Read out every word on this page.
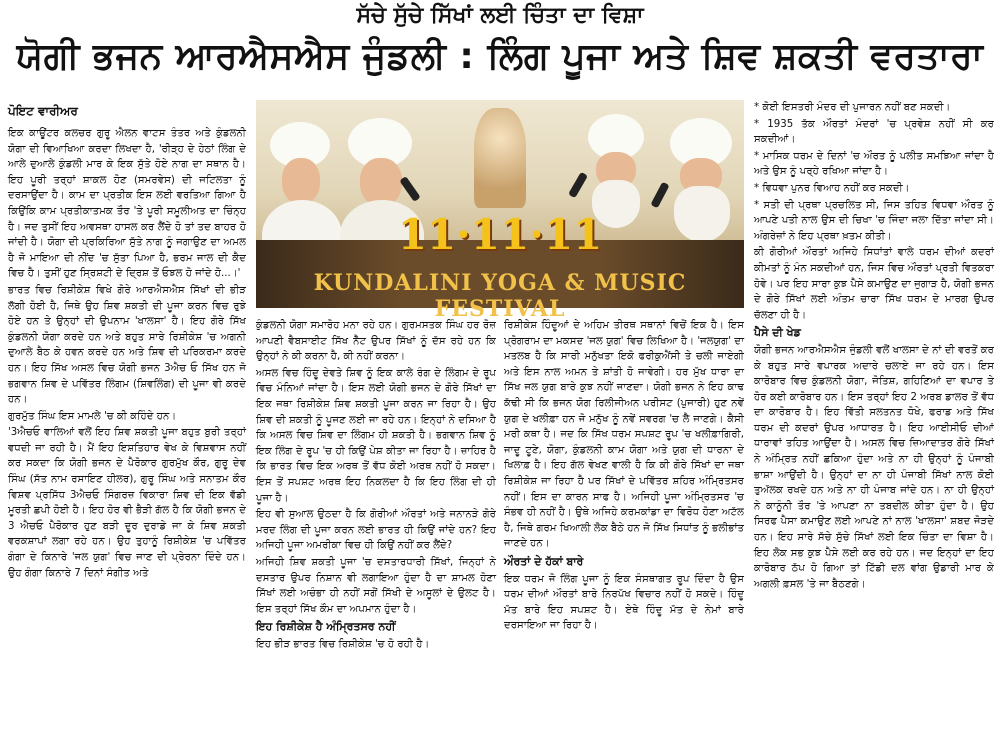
ਸੱਚੇ ਸੁੱਚੇ ਸਿੱਖਾਂ ਲਈ ਚਿੰਤਾ ਦਾ ਵਿਸ਼ਾ
ਯੋਗੀ ਭਜਨ ਆਰਐਸਐਸ ਜੁੰਡਲੀ : ਲਿੰਗ ਪੂਜਾ ਅਤੇ ਸ਼ਿਵ ਸ਼ਕਤੀ ਵਰਤਾਰਾ
ਪੋਇਟ ਵਾਰੀਅਰ

ਇਕ ਕਾਊਂਟਰ ਕਲਚਰ ਗੁਰੂ ਐਲਨ ਵਾਟਸ ਤੰਤਰ ਅਤੇ ਕੁੰਡਲਨੀ ਯੋਗਾ ਦੀ ਵਿਆਖਿਆ ਕਰਦਾ ਲਿਖਦਾ ਹੈ, 'ਰੀੜ੍ਹ ਦੇ ਹੇਠਾਂ ਲਿੰਗ ਦੇ ਆਲੇ ਦੁਆਲੇ ਕੁੰਡਲੀ ਮਾਰ ਕੇ ਇਕ ਸੁੱਤੇ ਹੋਏ ਨਾਗ ਦਾ ਸਥਾਨ ਹੈ। ਇਹ ਪੂਰੀ ਤਰ੍ਹਾਂ ਸ਼ਾਕਲ ਹੋਣ (ਸਮਰਵੇਸ) ਦੀ ਜਟਿਲਤਾ ਨੂੰ ਦਰਸਾਉਂਦਾ ਹੈ। ਕਾਮ ਦਾ ਪ੍ਰਤੀਕ ਇਸ ਲਈ ਵਰਤਿਆ ਗਿਆ ਹੈ ਕਿਉਂਕਿ ਕਾਮ ਪ੍ਰਤੀਕਾਤਮਕ ਤੌਰ 'ਤੇ ਪੂਰੀ ਸਮੂਲੀਅਤ ਦਾ ਚਿੰਨ੍ਹ ਹੈ। ਜਦ ਤੁਸੀਂ ਇਹ ਅਵਸਥਾ ਹਾਸਲ ਕਰ ਲੈਂਦੇ ਹੋ ਤਾਂ ਤਦ ਬਾਹਰ ਹੋ ਜਾਂਦੀ ਹੈ। ਯੋਗਾ ਦੀ ਪ੍ਰਕਿਰਿਆ ਸੁੱਤੇ ਨਾਗ ਨੂੰ ਜਗਾਉਣ ਦਾ ਅਮਲ ਹੈ ਜੋ ਮਾਇਆ ਦੀ ਨੀਂਦ 'ਚ ਸੁੱਤਾ ਪਿਆ ਹੈ, ਭਰਮ ਜਾਲ ਦੀ ਕੈਦ ਵਿਚ ਹੈ। ਤੁਸੀਂ ਹੁਣ ਸ੍ਰਿਸ਼ਟੀ ਦੇ ਦ੍ਰਿਸ਼ ਤੋਂ ਓਝਲ ਹੋ ਜਾਂਦੇ ਹੋ...।'

ਭਾਰਤ ਵਿਚ ਰਿਸ਼ੀਕੇਸ਼ ਵਿਖੇ ਗੋਰੇ ਆਰਐਸਐਸ ਸਿੱਖਾਂ ਦੀ ਭੀੜ ਲੱਗੀ ਹੋਈ ਹੈ, ਜਿਥੇ ਉਹ ਸ਼ਿਵ ਸ਼ਕਤੀ ਦੀ ਪੂਜਾ ਕਰਨ ਵਿਚ ਰੁਝੇ ਹੋਏ ਹਨ ਤੇ ਉਨ੍ਹਾਂ ਦੀ ਉਪਨਾਮ 'ਖਾਲਸਾ' ਹੈ। ਇਹ ਗੋਰੇ ਸਿੱਖ ਕੁੰਡਲਨੀ ਯੋਗਾ ਕਰਦੇ ਹਨ ਅਤੇ ਬਹੁਤ ਸਾਰੇ ਰਿਸ਼ੀਕੇਸ਼ 'ਚ ਅਗਨੀ ਦੁਆਲੇ ਬੈਠ ਕੇ ਹਵਨ ਕਰਦੇ ਹਨ ਅਤੇ ਸ਼ਿਵ ਦੀ ਪਰਿਕਰਮਾ ਕਰਦੇ ਹਨ। ਇਹ ਸਿੱਖ ਅਸਲ ਵਿਚ ਯੋਗੀ ਭਜਨ 3ਐਚ ਓ ਸਿੱਖ ਹਨ ਜੋ ਭਗਵਾਨ ਸ਼ਿਵ ਦੇ ਪਵਿੱਤਰ ਲਿੰਗਮ (ਸ਼ਿਵਲਿੰਗ) ਦੀ ਪੂਜਾ ਵੀ ਕਰਦੇ ਹਨ।

ਗੁਰਮੁੱਤ ਸਿੰਘ ਇਸ ਮਾਮਲੇ 'ਚ ਕੀ ਕਹਿੰਦੇ ਹਨ।

'3ਐਚਓ ਵਾਲਿਆਂ ਵਲੋਂ ਇਹ ਸ਼ਿਵ ਸ਼ਕਤੀ ਪੂਜਾ ਬਹੁਤ ਬੁਰੀ ਤਰ੍ਹਾਂ ਵਧਦੀ ਜਾ ਰਹੀ ਹੈ। ਮੈਂ ਇਹ ਇਸ਼ਤਿਹਾਰ ਵੇਖ ਕੇ ਵਿਸ਼ਵਾਸ ਨਹੀਂ ਕਰ ਸਕਦਾ ਕਿ ਯੋਗੀ ਭਜਨ ਦੇ ਪੈਰੋਕਾਰ ਗੁਰਮੁੱਖ ਕੌਰ, ਗੁਰੂ ਦੇਵ ਸਿੰਘ (ਸੱਤ ਨਾਮ ਰਸਾਇਣ ਹੀਲਰ), ਗੁਰੂ ਸਿੰਘ ਅਤੇ ਸਨਾਤਮ ਕੌਰ ਵਿਸ਼ਵ ਪ੍ਰਸਿੱਧ 3ਐਚਓ ਸਿੰਗਰਜ਼ ਵਿਕਾਰਾ ਸ਼ਿਵ ਦੀ ਇਕ ਵੱਡੀ ਮੂਰਤੀ ਛਪੀ ਹੋਈ ਹੈ। ਇਹ ਹੋਰ ਵੀ ਭੈੜੀ ਗੱਲ ਹੈ ਕਿ ਯੋਗੀ ਭਜਨ ਦੇ 3 ਐਚਓ ਪੈਰੋਕਾਰ ਹੁਣ ਬੜੀ ਦੂਰ ਦੁਰਾਡੇ ਜਾ ਕੇ ਸ਼ਿਵ ਸ਼ਕਤੀ ਵਰਕਸ਼ਾਪਾਂ ਲਗਾ ਰਹੇ ਹਨ। ਉਹ ਤੁਹਾਨੂੰ ਰਿਸ਼ੀਕੇਸ਼ 'ਚ ਪਵਿੱਤਰ ਗੰਗਾ ਦੇ ਕਿਨਾਰੇ 'ਜਲ ਯੁਗ' ਵਿਚ ਜਾਣ ਦੀ ਪ੍ਰੇਰਨਾ ਦਿੰਦੇ ਹਨ। ਉਹ ਗੰਗਾ ਕਿਨਾਰੇ 7 ਦਿਨਾਂ ਸੰਗੀਤ ਅਤੇ

11·11·11
KUNDALINI YOGA & MUSIC FESTIVAL

ਕੁੰਡਲਨੀ ਯੋਗਾ ਸਮਾਰੋਹ ਮਨਾ ਰਹੇ ਹਨ। ਗੁਰਮਸਤਕ ਸਿੰਘ ਹਰ ਰੋਜ਼ ਆਪਣੀ ਵੈਬਸਾਈਟ ਸਿੱਖ ਨੈੱਟ ਉਪਰ ਸਿੱਖਾਂ ਨੂੰ ਦੱਸ ਰਹੇ ਹਨ ਕਿ ਉਨ੍ਹਾਂ ਨੇ ਕੀ ਕਰਨਾ ਹੈ, ਕੀ ਨਹੀਂ ਕਰਨਾ।

ਅਸਲ ਵਿਚ ਹਿੰਦੂ ਦੇਵਤੇ ਸ਼ਿਵ ਨੂੰ ਇਕ ਕਾਲੇ ਰੰਗ ਦੇ ਲਿੰਗਮ ਦੇ ਰੂਪ ਵਿਚ ਮੰਨਿਆਂ ਜਾਂਦਾ ਹੈ। ਇਸ ਲਈ ਯੋਗੀ ਭਜਨ ਦੇ ਗੋਰੇ ਸਿੱਖਾਂ ਦਾ ਇਕ ਜਥਾ ਰਿਸ਼ੀਕੇਸ਼ ਸ਼ਿਵ ਸ਼ਕਤੀ ਪੂਜਾ ਕਰਨ ਜਾ ਰਿਹਾ ਹੈ। ਉਹ ਸ਼ਿਵ ਦੀ ਸ਼ਕਤੀ ਨੂੰ ਪੂਜਣ ਲਈ ਜਾ ਰਹੇ ਹਨ। ਇਨ੍ਹਾਂ ਨੇ ਦਸਿਆ ਹੈ ਕਿ ਅਸਲ ਵਿਚ ਸ਼ਿਵ ਦਾ ਲਿੰਗਮ ਹੀ ਸ਼ਕਤੀ ਹੈ। ਭਗਵਾਨ ਸ਼ਿਵ ਨੂੰ ਇਕ ਲਿੰਗ ਦੇ ਰੂਪ 'ਚ ਹੀ ਕਿਉਂ ਪੇਸ਼ ਕੀਤਾ ਜਾ ਰਿਹਾ ਹੈ। ਜ਼ਾਹਿਰ ਹੈ ਕਿ ਭਾਰਤ ਵਿਚ ਇਕ ਅਰਥ ਤੋਂ ਵੱਧ ਕੋਈ ਅਰਥ ਨਹੀਂ ਹੋ ਸਕਦਾ। ਇਸ ਤੋਂ ਸਪਸ਼ਟ ਅਰਥ ਇਹ ਨਿਕਲਦਾ ਹੈ ਕਿ ਇਹ ਲਿੰਗ ਦੀ ਹੀ ਪੂਜਾ ਹੈ।

ਇਹ ਵੀ ਸੁਆਲ ਉਠਦਾ ਹੈ ਕਿ ਗੋਰੀਆਂ ਔਰਤਾਂ ਅਤੇ ਜਨਾਨੜੇ ਗੋਰੇ ਮਰਦ ਲਿੰਗ ਦੀ ਪੂਜਾ ਕਰਨ ਲਈ ਭਾਰਤ ਹੀ ਕਿਉਂ ਜਾਂਦੇ ਹਨ? ਇਹ ਅਜਿਹੀ ਪੂਜਾ ਅਮਰੀਕਾ ਵਿਚ ਹੀ ਕਿਉਂ ਨਹੀਂ ਕਰ ਲੈਂਦੇ?

ਅਜਿਹੀ ਸ਼ਿਵ ਸ਼ਕਤੀ ਪੂਜਾ 'ਚ ਦਸਤਾਰਧਾਰੀ ਸਿੱਖਾਂ, ਜਿਨ੍ਹਾਂ ਨੇ ਦਸਤਾਰ ਉਪਰ ਨਿਸ਼ਾਨ ਵੀ ਲਗਾਇਆ ਹੁੰਦਾ ਹੈ ਦਾ ਸ਼ਾਮਲ ਹੋਣਾ ਸਿੱਖਾਂ ਲਈ ਅਚੰਭਾ ਹੀ ਨਹੀਂ ਸਗੋਂ ਸਿੱਖੀ ਦੇ ਅਸੂਲਾਂ ਦੇ ਉਲਟ ਹੈ। ਇਸ ਤਰ੍ਹਾਂ ਸਿੱਖ ਕੌਮ ਦਾ ਅਪਮਾਨ ਹੁੰਦਾ ਹੈ।

ਇਹ ਰਿਸ਼ੀਕੇਸ਼ ਹੈ ਅੰਮ੍ਰਿਤਸਰ ਨਹੀਂ

ਇਹ ਭੀੜ ਭਾਰਤ ਵਿਚ ਰਿਸ਼ੀਕੇਸ਼ 'ਚ ਹੋ ਰਹੀ ਹੈ।

ਰਿਸ਼ੀਕੇਸ਼ ਹਿੰਦੂਆਂ ਦੇ ਅਹਿਮ ਤੀਰਥ ਸਥਾਨਾਂ ਵਿਚੋਂ ਇਕ ਹੈ। ਇਸ ਪ੍ਰੋਗਰਾਮ ਦਾ ਮਕਸਦ 'ਜਲ ਯੁਗ' ਵਿਚ ਲਿਖਿਆ ਹੈ। 'ਜਲਯੁਗ' ਦਾ ਮਤਲਬ ਹੈ ਕਿ ਸਾਰੀ ਮਨੁੱਖਤਾ ਇਕੋ ਫਰੀਕੁਐਂਸੀ ਤੇ ਚਲੀ ਜਾਏਗੀ ਅਤੇ ਇਸ ਨਾਲ ਅਮਨ ਤੇ ਸ਼ਾਂਤੀ ਹੋ ਜਾਵੇਗੀ। ਹਰ ਮੁੱਖ ਧਾਰਾ ਦਾ ਸਿੱਖ ਜਲ ਯੁਗ ਬਾਰੇ ਕੁਝ ਨਹੀਂ ਜਾਣਦਾ। ਯੋਗੀ ਭਜਨ ਨੇ ਇਹ ਕਾਢ ਕੱਢੀ ਸੀ ਕਿ ਭਜਨ ਯੋਗ ਰਿਲੀਜੀਅਨ ਪਰੀਸਟ (ਪੁਜਾਰੀ) ਹੁਣ ਨਵੇਂ ਯੁਗ ਦੇ ਖਲੀਫ਼ਾ ਹਨ ਜੋ ਮਨੁੱਖ ਨੂੰ ਨਵੇਂ ਸਵਰਗ 'ਚ ਲੈ ਜਾਣਗੇ। ਕੈਸੀ ਮਰੀ ਕਥਾ ਹੈ। ਜਦ ਕਿ ਸਿੱਖ ਧਰਮ ਸਪਸ਼ਟ ਰੂਪ 'ਚ ਖਲੀਫ਼ਾਗਿਰੀ, ਜਾਦੂ ਟੂਣੇ, ਯੋਗਾ, ਕੁੰਡਲਨੀ ਕਾਮ ਯੋਗਾ ਅਤੇ ਯੁਗ ਦੀ ਧਾਰਨਾ ਦੇ ਖਿਲਾਫ਼ ਹੈ। ਇਹ ਗੱਲ ਵੇਖਣ ਵਾਲੀ ਹੈ ਕਿ ਕੀ ਗੋਰੇ ਸਿੱਖਾਂ ਦਾ ਜਥਾ ਰਿਸ਼ੀਕੇਸ਼ ਜਾ ਰਿਹਾ ਹੈ ਪਰ ਸਿੱਖਾਂ ਦੇ ਪਵਿੱਤਰ ਸ਼ਹਿਰ ਅੰਮ੍ਰਿਤਸਰ ਨਹੀਂ। ਇਸ ਦਾ ਕਾਰਨ ਸਾਫ ਹੈ। ਅਜਿਹੀ ਪੂਜਾ ਅੰਮ੍ਰਿਤਸਰ 'ਚ ਸੰਭਵ ਹੀ ਨਹੀਂ ਹੈ। ਉਥੇ ਅਜਿਹੇ ਕਰਮਕਾਂਡਾ ਦਾ ਵਿਰੋਧ ਹੋਣਾ ਅਟੱਲ ਹੈ, ਜਿਥੇ ਗਰਮ ਖਿਆਲੀ ਲੋਕ ਬੈਠੇ ਹਨ ਜੋ ਸਿੱਖ ਸਿਧਾਂਤ ਨੂੰ ਭਲੀਭਾਂਤ ਜਾਣਦੇ ਹਨ।

ਔਰਤਾਂ ਦੇ ਹੱਕਾਂ ਬਾਰੇ

ਇਕ ਧਰਮ ਜੋ ਲਿੰਗ ਪੂਜਾ ਨੂੰ ਇਕ ਸੰਸਥਾਗਤ ਰੂਪ ਦਿੰਦਾ ਹੈ ਉਸ ਧਰਮ ਦੀਆਂ ਔਰਤਾਂ ਬਾਰੇ ਨਿਰਪੱਖ ਵਿਚਾਰ ਨਹੀਂ ਹੋ ਸਕਦੇ। ਹਿੰਦੂ ਮੱਤ ਬਾਰੇ ਇਹ ਸਪਸ਼ਟ ਹੈ। ਏਥੇ ਹਿੰਦੂ ਮੱਤ ਦੇ ਨੇਮਾਂ ਬਾਰੇ ਦਰਸਾਇਆ ਜਾ ਰਿਹਾ ਹੈ।

* ਕੋਈ ਇਸਤਰੀ ਮੰਦਰ ਦੀ ਪੁਜਾਰਨ ਨਹੀਂ ਬਣ ਸਕਦੀ।

* 1935 ਤੱਕ ਔਰਤਾਂ ਮੰਦਰਾਂ 'ਚ ਪ੍ਰਵੇਸ਼ ਨਹੀਂ ਸੀ ਕਰ ਸਕਦੀਆਂ।

* ਮਾਸਿਕ ਧਰਮ ਦੇ ਦਿਨਾਂ 'ਚ ਔਰਤ ਨੂੰ ਪਲੀਤ ਸਮਝਿਆ ਜਾਂਦਾ ਹੈ ਅਤੇ ਉਸ ਨੂੰ ਪਰ੍ਹੇ ਰਖਿਆ ਜਾਂਦਾ ਹੈ।

* ਵਿਧਵਾ ਪੁਨਰ ਵਿਆਹ ਨਹੀਂ ਕਰ ਸਕਦੀ।

* ਸਤੀ ਦੀ ਪ੍ਰਥਾ ਪ੍ਰਚਲਿਤ ਸੀ, ਜਿਸ ਤਹਿਤ ਵਿਧਵਾ ਔਰਤ ਨੂੰ ਆਪਣੇ ਪਤੀ ਨਾਲ ਉਸ ਦੀ ਚਿਖਾ 'ਚ ਜਿੰਦਾ ਜਲਾ ਦਿੱਤਾ ਜਾਂਦਾ ਸੀ। ਅੰਗਰੇਜ਼ਾਂ ਨੇ ਇਹ ਪ੍ਰਥਾ ਖ਼ਤਮ ਕੀਤੀ।

ਕੀ ਗੋਰੀਆਂ ਔਰਤਾਂ ਅਜਿਹੇ ਸਿਧਾਂਤਾਂ ਵਾਲੇ ਧਰਮ ਦੀਆਂ ਕਦਰਾਂ ਕੀਮਤਾਂ ਨੂੰ ਮੰਨ ਸਕਦੀਆਂ ਹਨ, ਜਿਸ ਵਿਚ ਔਰਤਾਂ ਪ੍ਰਤੀ ਵਿਤਕਰਾ ਹੋਵੇ। ਪਰ ਇਹ ਸਾਰਾ ਕੁਝ ਪੈਸੇ ਕਮਾਉਣ ਦਾ ਜੁਗਾੜ ਹੈ, ਯੋਗੀ ਭਜਨ ਦੇ ਗੋਰੇ ਸਿੱਖਾਂ ਲਈ ਅੰਤਮ ਚਾਰਾ ਸਿੱਖ ਧਰਮ ਦੇ ਮਾਰਗ ਉਪਰ ਚੱਲਣਾ ਹੀ ਹੈ।

ਪੈਸੇ ਦੀ ਖੇਡ

ਯੋਗੀ ਭਜਨ ਆਰਐਸਐਸ ਜੁੰਡਲੀ ਵਲੋਂ ਖਾਲਸਾ ਦੇ ਨਾਂ ਦੀ ਵਰਤੋਂ ਕਰ ਕੇ ਬਹੁਤ ਸਾਰੇ ਵਪਾਰਕ ਅਦਾਰੇ ਚਲਾਏ ਜਾ ਰਹੇ ਹਨ। ਇਸ ਕਾਰੋਬਾਰ ਵਿਚ ਕੁੰਡਲਨੀ ਯੋਗਾ, ਜੋਤਿਸ਼, ਗਹਿਣਿਆਂ ਦਾ ਵਪਾਰ ਤੇ ਹੋਰ ਕਈ ਕਾਰੋਬਾਰ ਹਨ। ਇਸ ਤਰ੍ਹਾਂ ਇਹ 2 ਅਰਬ ਡਾਲਰ ਤੋਂ ਵੱਧ ਦਾ ਕਾਰੋਬਾਰ ਹੈ। ਇਹ ਵਿੱਤੀ ਸਲਤਨਤ ਧੋਖੇ, ਫਰਾਡ ਅਤੇ ਸਿੱਖ ਧਰਮ ਦੀ ਕਦਰਾਂ ਉਪਰ ਆਧਾਰਤ ਹੈ। ਇਹ ਆਈਸੀਓ ਦੀਆਂ ਧਾਰਾਵਾਂ ਤਹਿਤ ਆਉਂਦਾ ਹੈ। ਅਸਲ ਵਿਚ ਜ਼ਿਆਦਾਤਰ ਗੋਰੇ ਸਿੱਖਾਂ ਨੇ ਅੰਮ੍ਰਿਤ ਨਹੀਂ ਛਕਿਆ ਹੁੰਦਾ ਅਤੇ ਨਾ ਹੀ ਉਨ੍ਹਾਂ ਨੂੰ ਪੰਜਾਬੀ ਭਾਸ਼ਾ ਆਉਂਦੀ ਹੈ। ਉਨ੍ਹਾਂ ਦਾ ਨਾ ਹੀ ਪੰਜਾਬੀ ਸਿੱਖਾਂ ਨਾਲ ਕੋਈ ਤੁਅੱਲਕ ਰਖਦੇ ਹਨ ਅਤੇ ਨਾ ਹੀ ਪੰਜਾਬ ਜਾਂਦੇ ਹਨ। ਨਾ ਹੀ ਉਨ੍ਹਾਂ ਨੇ ਕਾਨੂੰਨੀ ਤੌਰ 'ਤੇ ਆਪਣਾ ਨਾ ਤਬਦੀਲ ਕੀਤਾ ਹੁੰਦਾ ਹੈ। ਉਹ ਸਿਰਫ ਪੈਸਾ ਕਮਾਉਣ ਲਈ ਆਪਣੇ ਨਾਂ ਨਾਲ 'ਖਾਲਸਾ' ਸ਼ਬਦ ਜੋੜਦੇ ਹਨ। ਇਹ ਸਾਰੇ ਸੱਚੇ ਸੁੱਚੇ ਸਿੱਖਾਂ ਲਈ ਇਕ ਚਿੰਤਾ ਦਾ ਵਿਸ਼ਾ ਹੈ। ਇਹ ਲੋਕ ਸਭ ਕੁਝ ਪੈਸੇ ਲਈ ਕਰ ਰਹੇ ਹਨ। ਜਦ ਇਨ੍ਹਾਂ ਦਾ ਇਹ ਕਾਰੋਬਾਰ ਠੱਪ ਹੋ ਗਿਆ ਤਾਂ ਟਿੱਡੀ ਦਲ ਵਾਂਗ ਉਡਾਰੀ ਮਾਰ ਕੇ ਅਗਲੀ ਫ਼ਸਲ 'ਤੇ ਜਾ ਬੈਠਣਗੇ।
